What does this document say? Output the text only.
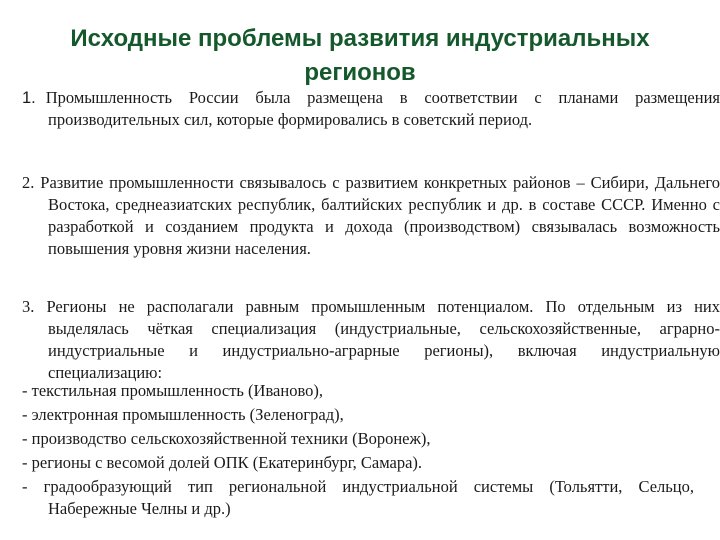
Исходные проблемы развития индустриальных регионов
1. Промышленность России была размещена в соответствии с планами размещения производительных сил, которые формировались в советский период.
2. Развитие промышленности связывалось с развитием конкретных районов – Сибири, Дальнего Востока, среднеазиатских республик, балтийских республик и др. в составе СССР. Именно с разработкой и созданием продукта и дохода (производством) связывалась возможность повышения уровня жизни населения.
3. Регионы не располагали равным промышленным потенциалом. По отдельным из них выделялась чёткая специализация (индустриальные, сельскохозяйственные, аграрно-индустриальные и индустриально-аграрные регионы), включая индустриальную специализацию:
- текстильная промышленность (Иваново),
- электронная промышленность (Зеленоград),
- производство сельскохозяйственной техники (Воронеж),
- регионы с весомой долей ОПК (Екатеринбург, Самара).
- градообразующий тип региональной индустриальной системы (Тольятти, Сельцо, Набережные Челны и др.)
